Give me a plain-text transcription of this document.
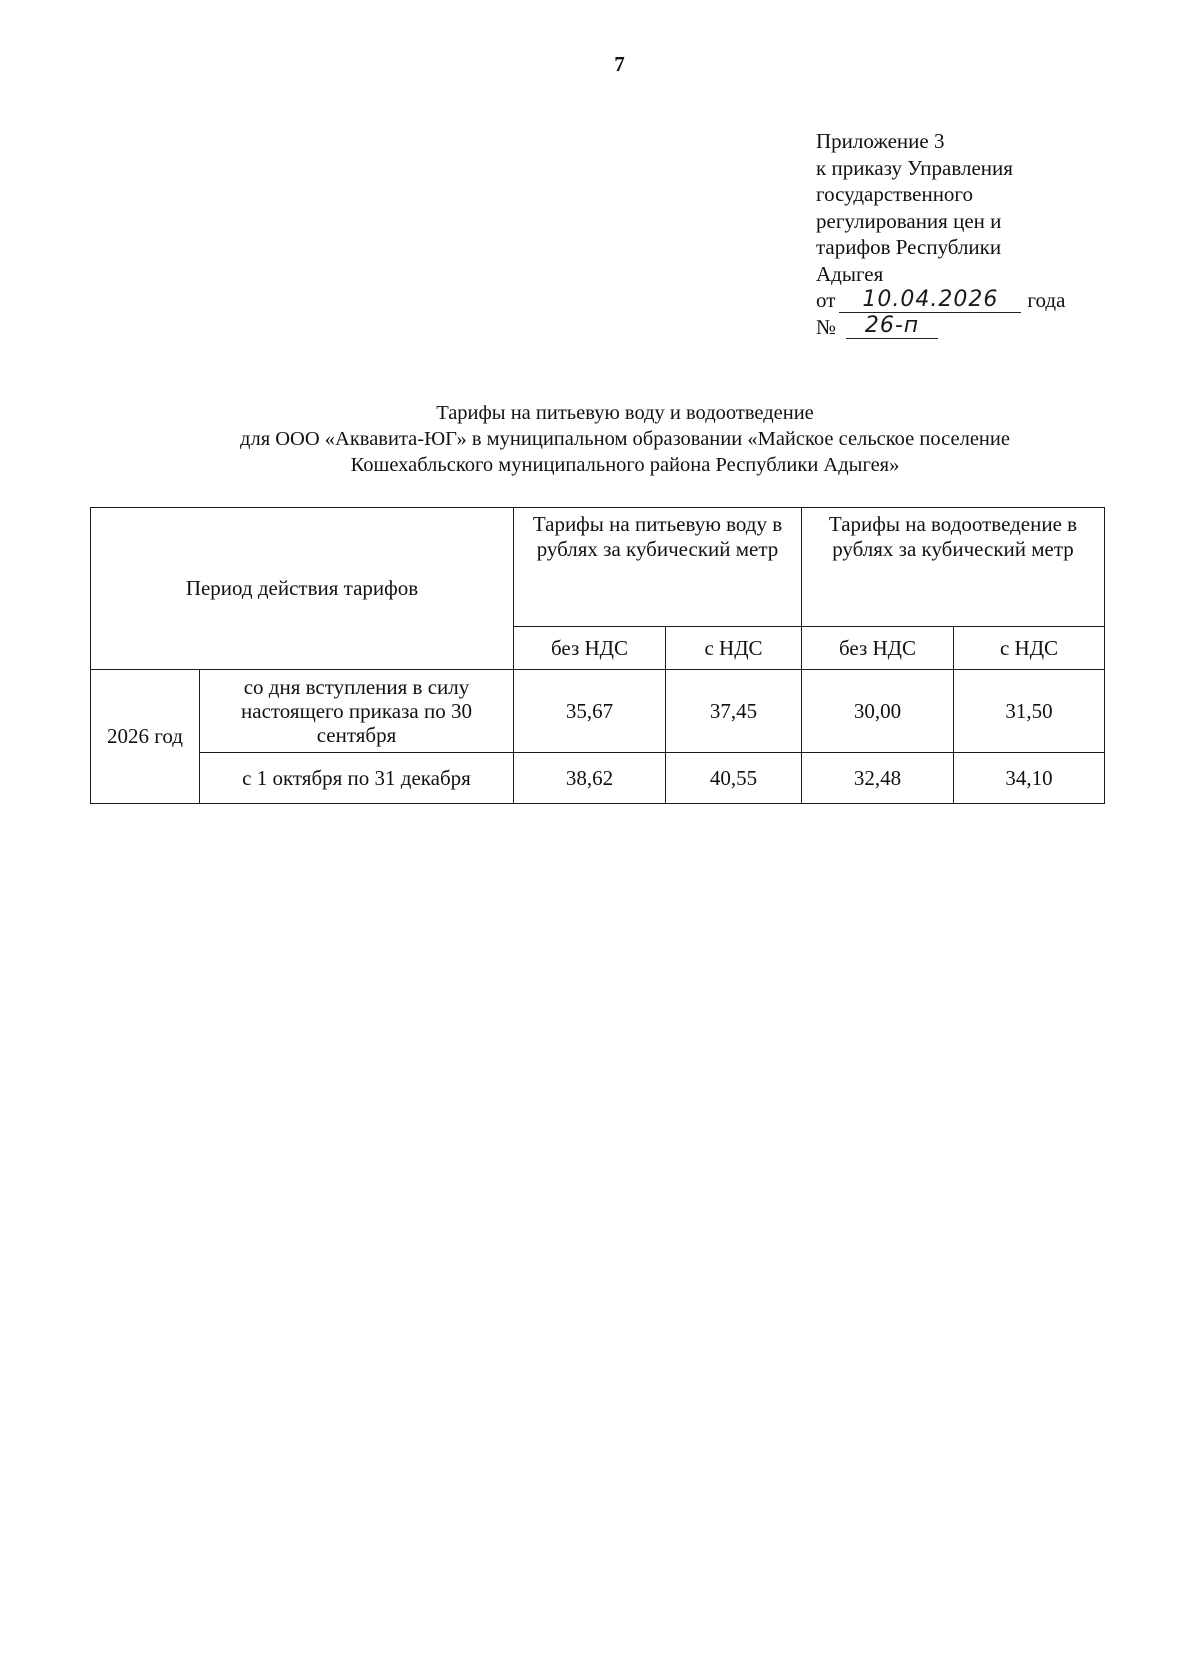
7
Приложение 3
к приказу Управления
государственного
регулирования цен и
тарифов Республики
Адыгея
от	10.04.2026	года
№	26-п
Тарифы на питьевую воду и водоотведение
для ООО «Аквавита-ЮГ» в муниципальном образовании «Майское сельское поселение
Кошехабльского муниципального района Республики Адыгея»
Период действия тарифов		Тарифы на питьевую воду в рублях за кубический метр		Тарифы на водоотведение в рублях за кубический метр	
		без НДС	с НДС	без НДС	с НДС
2026 год	со дня вступления в силу настоящего приказа по 30 сентября	35,67	37,45	30,00	31,50
	с 1 октября по 31 декабря	38,62	40,55	32,48	34,10
